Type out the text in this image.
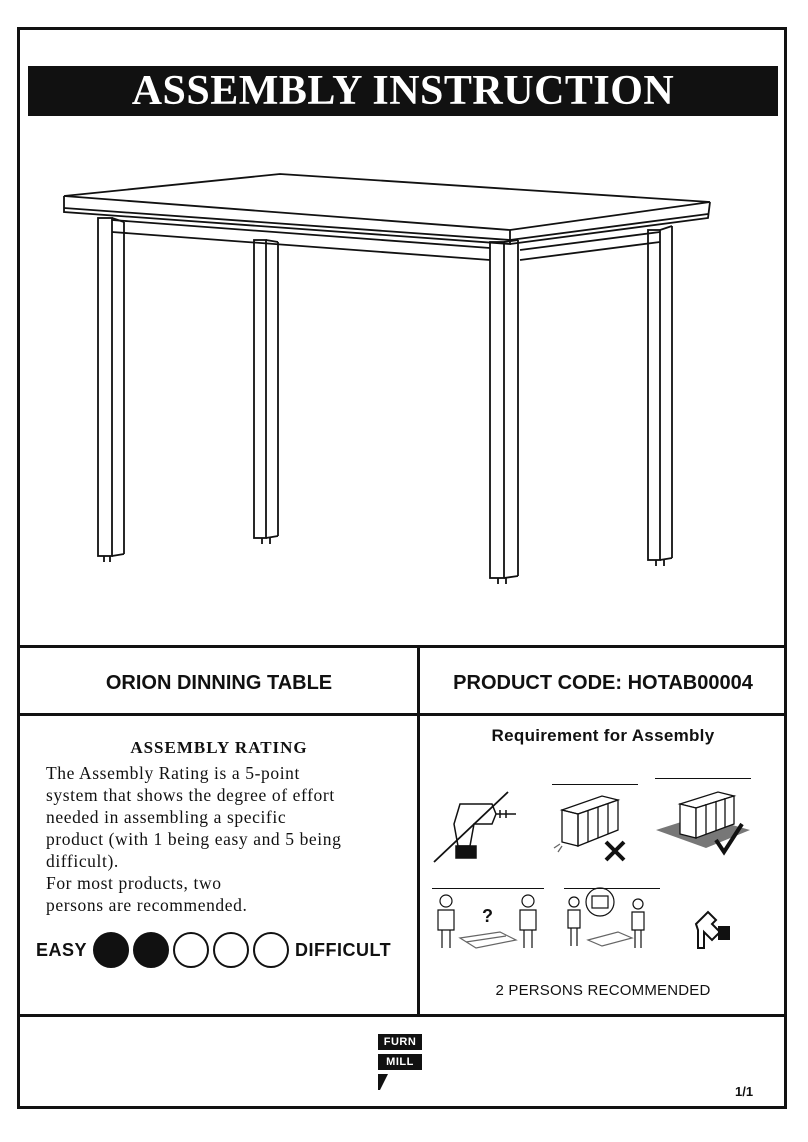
ASSEMBLY INSTRUCTION
ORION DINNING TABLE	PRODUCT CODE: HOTAB00004
ASSEMBLY RATING
The Assembly Rating is a 5-point
system that shows the degree of effort
needed in assembling a specific
product (with 1 being easy and 5 being
difficult).
For most products, two
persons are recommended.
EASY	DIFFICULT
Requirement for Assembly
?
2 PERSONS RECOMMENDED
FURN
MILL
1/1
